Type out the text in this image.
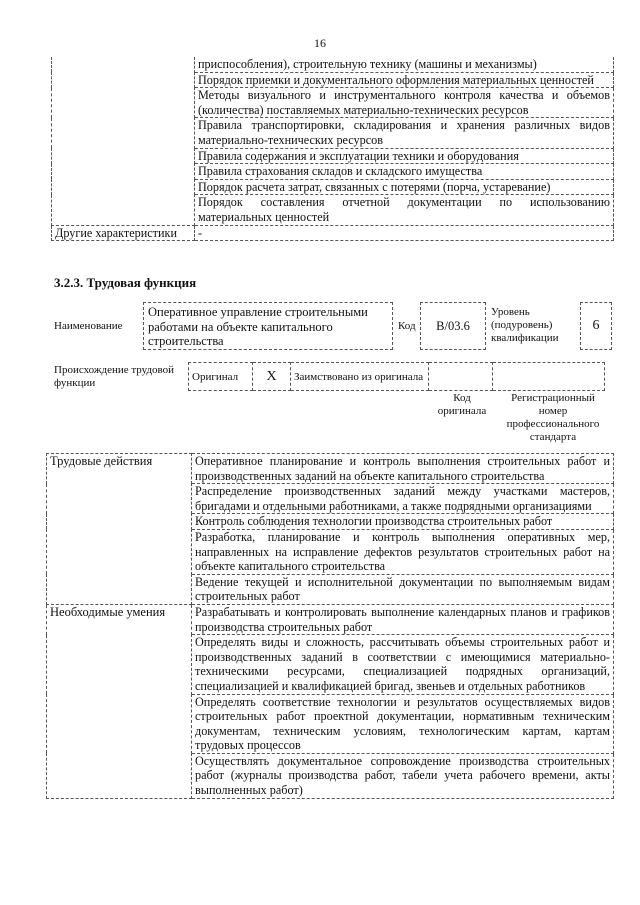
16
	приспособления), строительную технику (машины и механизмы)
	Порядок приемки и документального оформления материальных ценностей
	Методы визуального и инструментального контроля качества и объемов (количества) поставляемых материально-технических ресурсов
	Правила транспортировки, складирования и хранения различных видов материально-технических ресурсов
	Правила содержания и эксплуатации техники и оборудования
	Правила страхования складов и складского имущества
	Порядок расчета затрат, связанных с потерями (порча, устаревание)
	Порядок составления отчетной документации по использованию материальных ценностей
Другие характеристики	-
3.2.3. Трудовая функция
Наименование
Оперативное управление строительными работами на объекте капитального строительства
Код	B/03.6
Уровень (подуровень) квалификации
6
Происхождение трудовой функции
Оригинал	X	Заимствовано из оригинала		
Код оригинала
Регистрационный номер профессионального стандарта
Трудовые действия	Оперативное планирование и контроль выполнения строительных работ и производственных заданий на объекте капитального строительства
	Распределение производственных заданий между участками мастеров, бригадами и отдельными работниками, а также подрядными организациями
	Контроль соблюдения технологии производства строительных работ
	Разработка, планирование и контроль выполнения оперативных мер, направленных на исправление дефектов результатов строительных работ на объекте капитального строительства
	Ведение текущей и исполнительной документации по выполняемым видам строительных работ
Необходимые умения	Разрабатывать и контролировать выполнение календарных планов и графиков производства строительных работ
	Определять виды и сложность, рассчитывать объемы строительных работ и производственных заданий в соответствии с имеющимися материально-техническими ресурсами, специализацией подрядных организаций, специализацией и квалификацией бригад, звеньев и отдельных работников
	Определять соответствие технологии и результатов осуществляемых видов строительных работ проектной документации, нормативным техническим документам, техническим условиям, технологическим картам, картам трудовых процессов
	Осуществлять документальное сопровождение производства строительных работ (журналы производства работ, табели учета рабочего времени, акты выполненных работ)
